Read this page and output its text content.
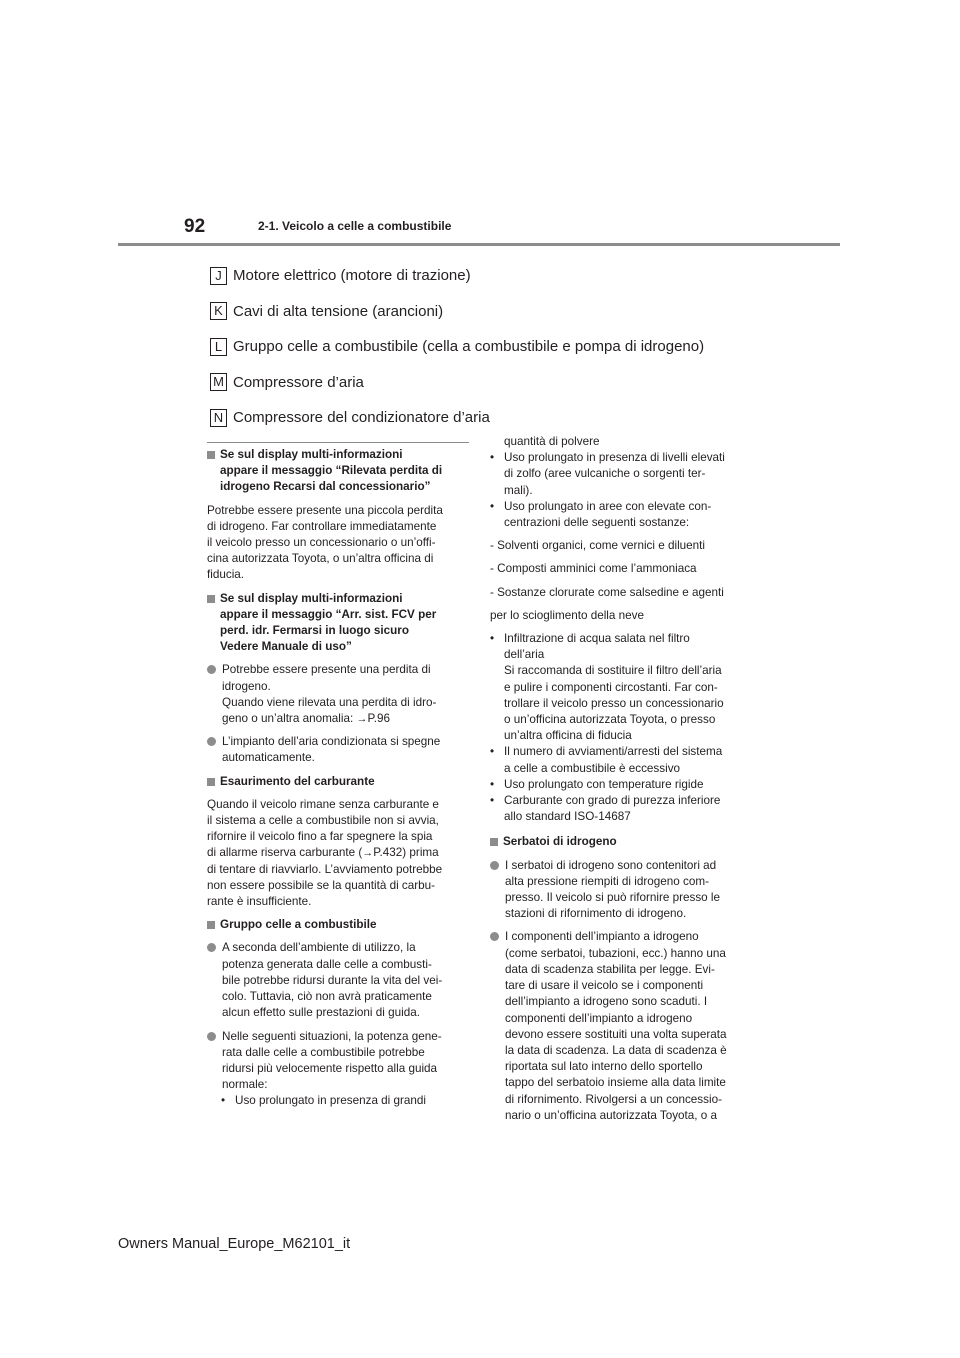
92	2-1. Veicolo a celle a combustibile
J Motore elettrico (motore di trazione)
K Cavi di alta tensione (arancioni)
L Gruppo celle a combustibile (cella a combustibile e pompa di idrogeno)
M Compressore d’aria
N Compressore del condizionatore d’aria
Se sul display multi-informazioni
appare il messaggio “Rilevata perdita di
idrogeno Recarsi dal concessionario”
Potrebbe essere presente una piccola perdita
di idrogeno. Far controllare immediatamente
il veicolo presso un concessionario o un’offi-
cina autorizzata Toyota, o un’altra officina di
fiducia.
Se sul display multi-informazioni
appare il messaggio “Arr. sist. FCV per
perd. idr. Fermarsi in luogo sicuro
Vedere Manuale di uso”
Potrebbe essere presente una perdita di
idrogeno.
Quando viene rilevata una perdita di idro-
geno o un’altra anomalia: →P.96
L’impianto dell’aria condizionata si spegne
automaticamente.
Esaurimento del carburante
Quando il veicolo rimane senza carburante e
il sistema a celle a combustibile non si avvia,
rifornire il veicolo fino a far spegnere la spia
di allarme riserva carburante (→P.432) prima
di tentare di riavviarlo. L’avviamento potrebbe
non essere possibile se la quantità di carbu-
rante è insufficiente.
Gruppo celle a combustibile
A seconda dell’ambiente di utilizzo, la
potenza generata dalle celle a combusti-
bile potrebbe ridursi durante la vita del vei-
colo. Tuttavia, ciò non avrà praticamente
alcun effetto sulle prestazioni di guida.
Nelle seguenti situazioni, la potenza gene-
rata dalle celle a combustibile potrebbe
ridursi più velocemente rispetto alla guida
normale:
• Uso prolungato in presenza di grandi
quantità di polvere
• Uso prolungato in presenza di livelli elevati
di zolfo (aree vulcaniche o sorgenti ter-
mali).
• Uso prolungato in aree con elevate con-
centrazioni delle seguenti sostanze:
- Solventi organici, come vernici e diluenti
- Composti amminici come l’ammoniaca
- Sostanze clorurate come salsedine e agenti
per lo scioglimento della neve
• Infiltrazione di acqua salata nel filtro
dell’aria
Si raccomanda di sostituire il filtro dell’aria
e pulire i componenti circostanti. Far con-
trollare il veicolo presso un concessionario
o un’officina autorizzata Toyota, o presso
un’altra officina di fiducia
• Il numero di avviamenti/arresti del sistema
a celle a combustibile è eccessivo
• Uso prolungato con temperature rigide
• Carburante con grado di purezza inferiore
allo standard ISO-14687
Serbatoi di idrogeno
I serbatoi di idrogeno sono contenitori ad
alta pressione riempiti di idrogeno com-
presso. Il veicolo si può rifornire presso le
stazioni di rifornimento di idrogeno.
I componenti dell’impianto a idrogeno
(come serbatoi, tubazioni, ecc.) hanno una
data di scadenza stabilita per legge. Evi-
tare di usare il veicolo se i componenti
dell’impianto a idrogeno sono scaduti. I
componenti dell’impianto a idrogeno
devono essere sostituiti una volta superata
la data di scadenza. La data di scadenza è
riportata sul lato interno dello sportello
tappo del serbatoio insieme alla data limite
di rifornimento. Rivolgersi a un concessio-
nario o un’officina autorizzata Toyota, o a
Owners Manual_Europe_M62101_it
